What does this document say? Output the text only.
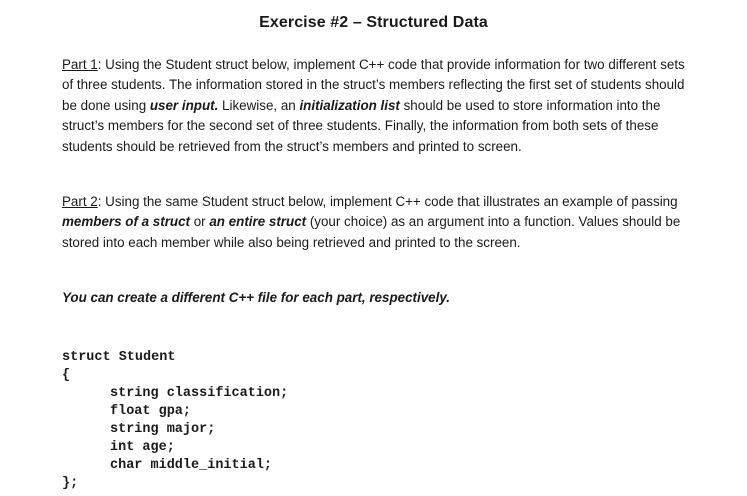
Exercise #2 – Structured Data
Part 1: Using the Student struct below, implement C++ code that provide information for two different sets of three students. The information stored in the struct’s members reflecting the first set of students should be done using user input. Likewise, an initialization list should be used to store information into the struct’s members for the second set of three students. Finally, the information from both sets of these students should be retrieved from the struct’s members and printed to screen.
Part 2: Using the same Student struct below, implement C++ code that illustrates an example of passing members of a struct or an entire struct (your choice) as an argument into a function. Values should be stored into each member while also being retrieved and printed to the screen.
You can create a different C++ file for each part, respectively.
struct Student
{
string classification;
float gpa;
string major;
int age;
char middle_initial;
};
